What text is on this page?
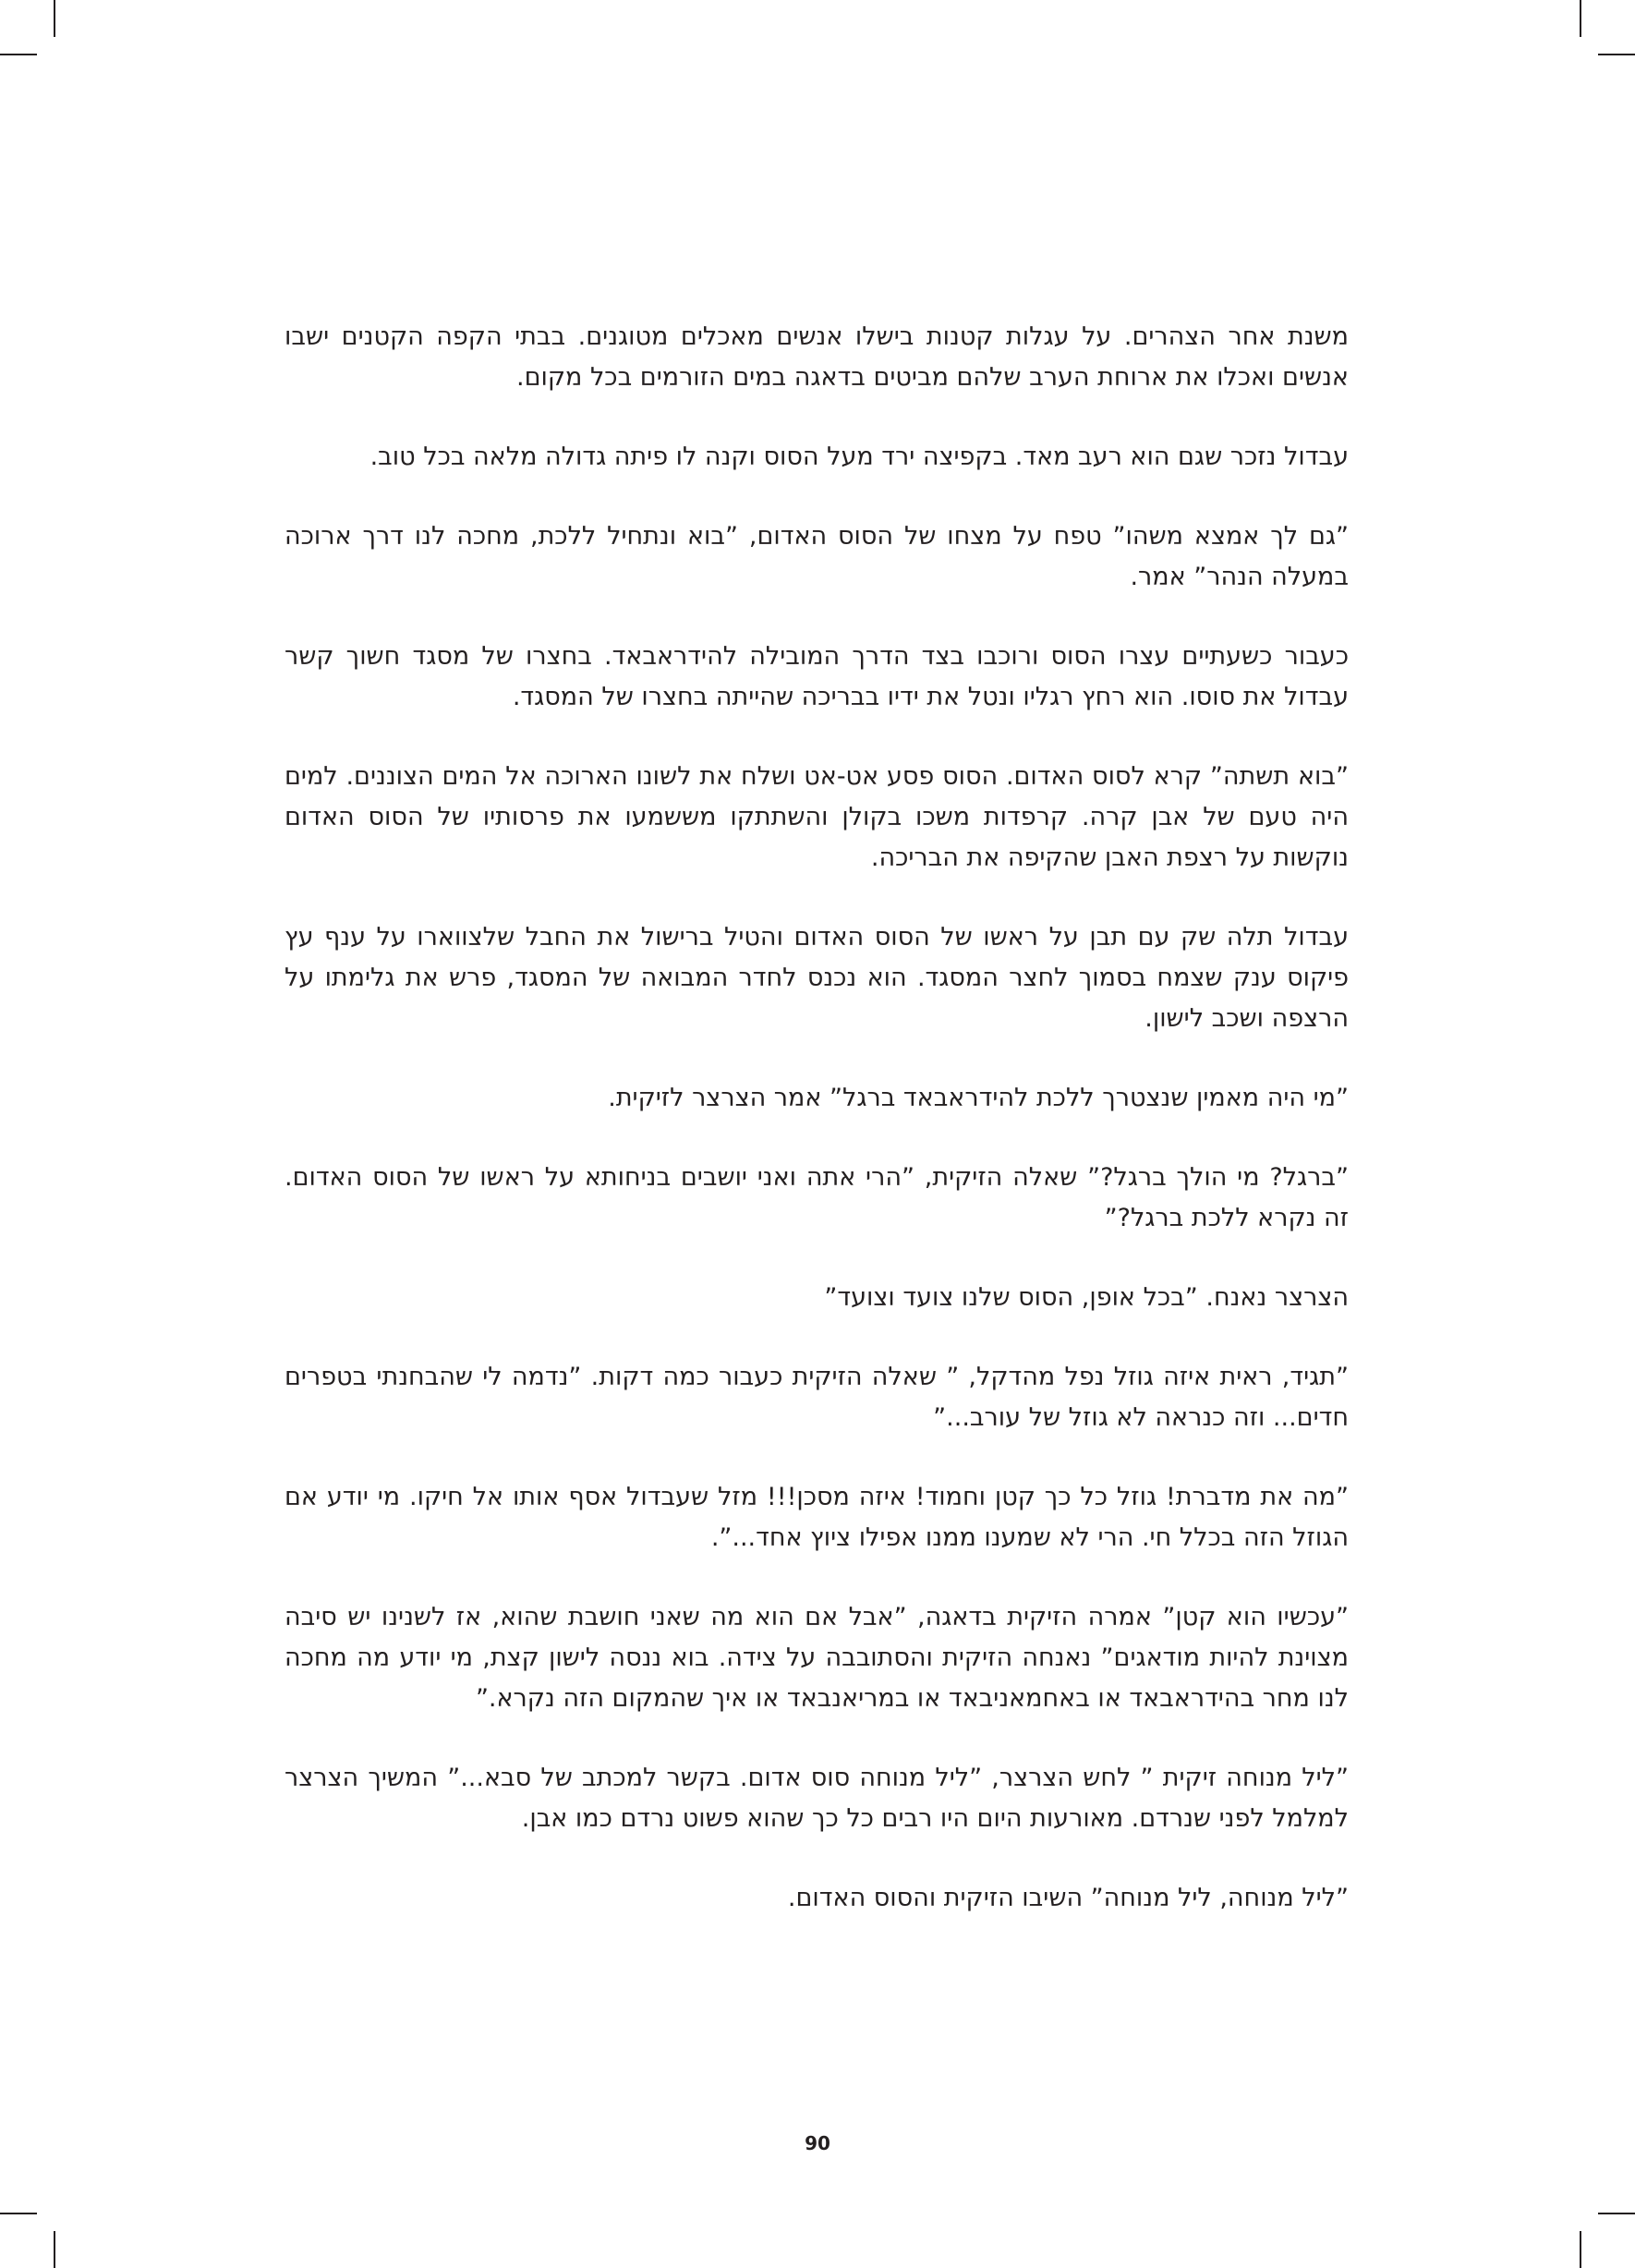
משנת אחר הצהרים. על עגלות קטנות בישלו אנשים מאכלים מטוגנים. בבתי הקפה הקטנים ישבו אנשים ואכלו את ארוחת הערב שלהם מביטים בדאגה במים הזורמים בכל מקום.

עבדול נזכר שגם הוא רעב מאד. בקפיצה ירד מעל הסוס וקנה לו פיתה גדולה מלאה בכל טוב.

”גם לך אמצא משהו” טפח על מצחו של הסוס האדום, ”בוא ונתחיל ללכת, מחכה לנו דרך ארוכה במעלה הנהר” אמר.

כעבור כשעתיים עצרו הסוס ורוכבו בצד הדרך המובילה להידראבאד. בחצרו של מסגד חשוך קשר עבדול את סוסו. הוא רחץ רגליו ונטל את ידיו בבריכה שהייתה בחצרו של המסגד.

”בוא תשתה” קרא לסוס האדום. הסוס פסע אט-אט ושלח את לשונו הארוכה אל המים הצוננים. למים היה טעם של אבן קרה. קרפדות משכו בקולן והשתתקו מששמעו את פרסותיו של הסוס האדום נוקשות על רצפת האבן שהקיפה את הבריכה.

עבדול תלה שק עם תבן על ראשו של הסוס האדום והטיל ברישול את החבל שלצווארו על ענף עץ פיקוס ענק שצמח בסמוך לחצר המסגד. הוא נכנס לחדר המבואה של המסגד, פרש את גלימתו על הרצפה ושכב לישון.

”מי היה מאמין שנצטרך ללכת להידראבאד ברגל” אמר הצרצר לזיקית.

”ברגל? מי הולך ברגל?” שאלה הזיקית, ”הרי אתה ואני יושבים בניחותא על ראשו של הסוס האדום. זה נקרא ללכת ברגל?”

הצרצר נאנח. ”בכל אופן, הסוס שלנו צועד וצועד”

”תגיד, ראית איזה גוזל נפל מהדקל, ” שאלה הזיקית כעבור כמה דקות. ”נדמה לי שהבחנתי בטפרים חדים... וזה כנראה לא גוזל של עורב...”

”מה את מדברת! גוזל כל כך קטן וחמוד! איזה מסכן!!! מזל שעבדול אסף אותו אל חיקו. מי יודע אם הגוזל הזה בכלל חי. הרי לא שמענו ממנו אפילו ציוץ אחד...”.

”עכשיו הוא קטן” אמרה הזיקית בדאגה, ”אבל אם הוא מה שאני חושבת שהוא, אז לשנינו יש סיבה מצוינת להיות מודאגים” נאנחה הזיקית והסתובבה על צידה. בוא ננסה לישון קצת, מי יודע מה מחכה לנו מחר בהידראבאד או באחמאניבאד או במריאנבאד או איך שהמקום הזה נקרא.”

”ליל מנוחה זיקית ” לחש הצרצר, ”ליל מנוחה סוס אדום. בקשר למכתב של סבא...” המשיך הצרצר למלמל לפני שנרדם. מאורעות היום היו רבים כל כך שהוא פשוט נרדם כמו אבן.

”ליל מנוחה, ליל מנוחה” השיבו הזיקית והסוס האדום.

90
